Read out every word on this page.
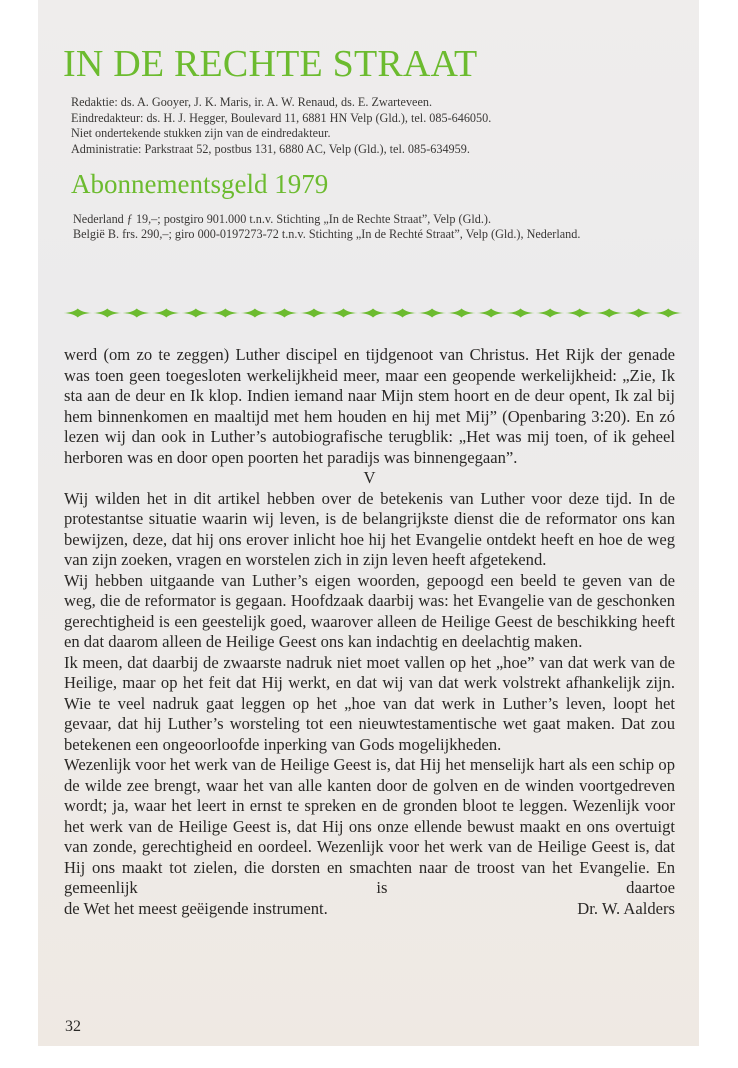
IN DE RECHTE STRAAT
Redaktie: ds. A. Gooyer, J. K. Maris, ir. A. W. Renaud, ds. E. Zwarteveen.
Eindredakteur: ds. H. J. Hegger, Boulevard 11, 6881 HN Velp (Gld.), tel. 085-646050.
Niet ondertekende stukken zijn van de eindredakteur.
Administratie: Parkstraat 52, postbus 131, 6880 AC, Velp (Gld.), tel. 085-634959.
Abonnementsgeld 1979

Nederland ƒ 19,–; postgiro 901.000 t.n.v. Stichting „In de Rechte Straat”, Velp (Gld.).

België B. frs. 290,–; giro 000-0197273-72 t.n.v. Stichting „In de Rechté Straat”, Velp (Gld.), Nederland.

werd (om zo te zeggen) Luther discipel en tijdgenoot van Christus. Het Rijk der genade was toen geen toegesloten werkelijkheid meer, maar een geopende werkelijkheid: „Zie, Ik sta aan de deur en Ik klop. Indien iemand naar Mijn stem hoort en de deur opent, Ik zal bij hem binnenkomen en maaltijd met hem houden en hij met Mij” (Openbaring 3:20). En zó lezen wij dan ook in Luther’s autobiografische terugblik: „Het was mij toen, of ik geheel herboren was en door open poorten het paradijs was binnengegaan”.

V

Wij wilden het in dit artikel hebben over de betekenis van Luther voor deze tijd. In de protestantse situatie waarin wij leven, is de belangrijkste dienst die de reformator ons kan bewijzen, deze, dat hij ons erover inlicht hoe hij het Evangelie ontdekt heeft en hoe de weg van zijn zoeken, vragen en worstelen zich in zijn leven heeft afgetekend.

Wij hebben uitgaande van Luther’s eigen woorden, gepoogd een beeld te geven van de weg, die de reformator is gegaan. Hoofdzaak daarbij was: het Evangelie van de geschonken gerechtigheid is een geestelijk goed, waarover alleen de Heilige Geest de beschikking heeft en dat daarom alleen de Heilige Geest ons kan indachtig en deelachtig maken.

Ik meen, dat daarbij de zwaarste nadruk niet moet vallen op het „hoe” van dat werk van de Heilige, maar op het feit dat Hij werkt, en dat wij van dat werk volstrekt afhankelijk zijn. Wie te veel nadruk gaat leggen op het „hoe van dat werk in Luther’s leven, loopt het gevaar, dat hij Luther’s worsteling tot een nieuwtestamentische wet gaat maken. Dat zou betekenen een ongeoorloofde inperking van Gods mogelijkheden.

Wezenlijk voor het werk van de Heilige Geest is, dat Hij het menselijk hart als een schip op de wilde zee brengt, waar het van alle kanten door de golven en de winden voortgedreven wordt; ja, waar het leert in ernst te spreken en de gronden bloot te leggen. Wezenlijk voor het werk van de Heilige Geest is, dat Hij ons onze ellende bewust maakt en ons overtuigt van zonde, gerechtigheid en oordeel. Wezenlijk voor het werk van de Heilige Geest is, dat Hij ons maakt tot zielen, die dorsten en smachten naar de troost van het Evangelie. En gemeenlijk is daartoe

de Wet het meest geëigende instrument.	Dr. W. Aalders
32
